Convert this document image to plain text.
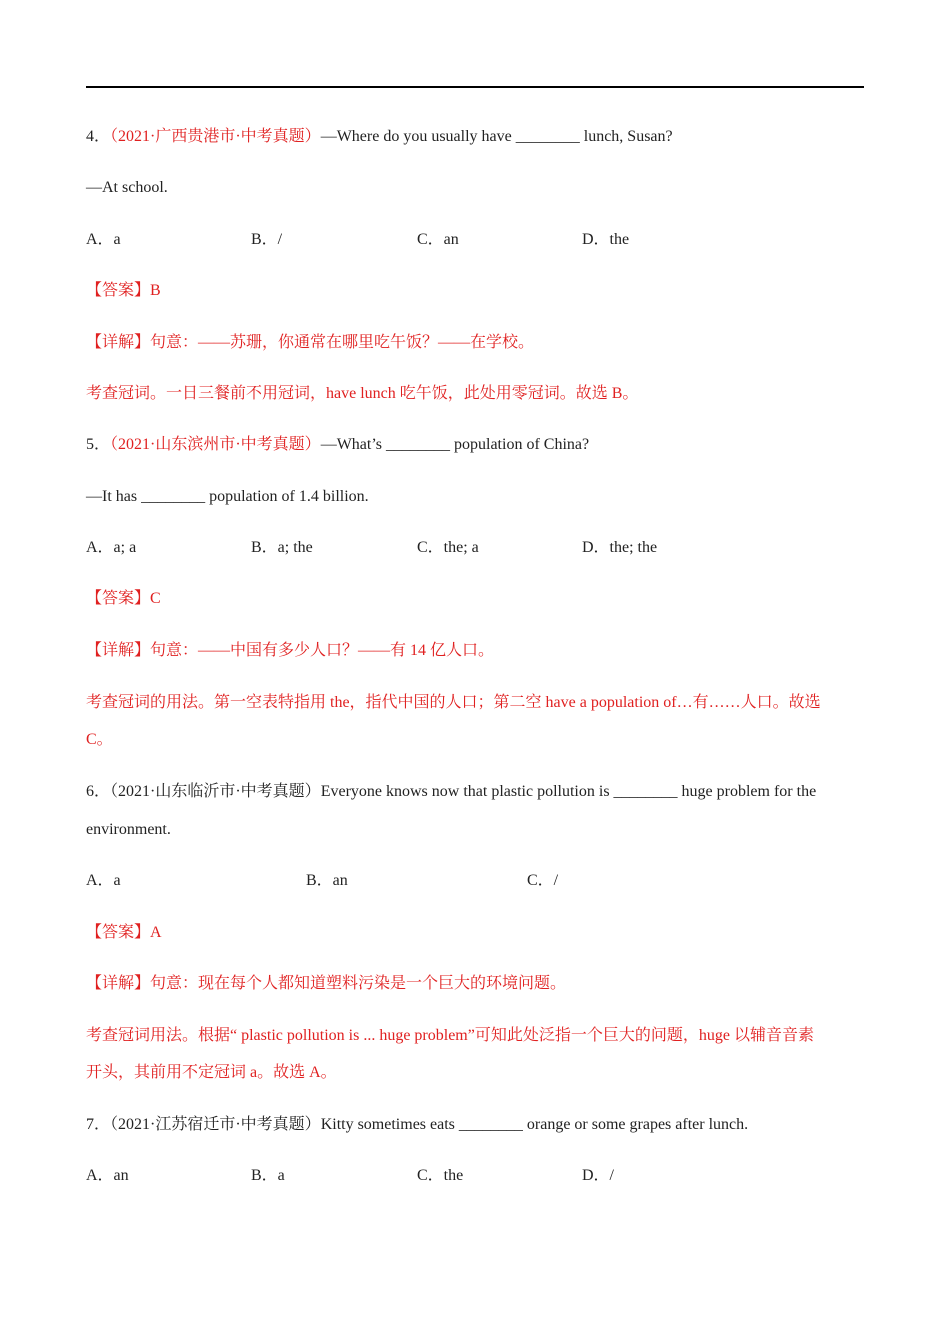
4．（2021·广西贵港市·中考真题）—Where do you usually have ________ lunch, Susan?
—At school.
A．a	B．/	C．an	D．the
【答案】B
【详解】句意：——苏珊，你通常在哪里吃午饭？——在学校。
考查冠词。一日三餐前不用冠词，have lunch 吃午饭，此处用零冠词。故选 B。
5．（2021·山东滨州市·中考真题）—What’s ________ population of China?
—It has ________ population of 1.4 billion.
A．a; a	B．a; the	C．the; a	D．the; the
【答案】C
【详解】句意：——中国有多少人口？——有 14 亿人口。
考查冠词的用法。第一空表特指用 the，指代中国的人口；第二空 have a population of…有……人口。故选
C。
6．（2021·山东临沂市·中考真题）Everyone knows now that plastic pollution is ________ huge problem for the
environment.
A．a	B．an	C．/
【答案】A
【详解】句意：现在每个人都知道塑料污染是一个巨大的环境问题。
考查冠词用法。根据“ plastic pollution is ... huge problem”可知此处泛指一个巨大的问题，huge 以辅音音素
开头，其前用不定冠词 a。故选 A。
7．（2021·江苏宿迁市·中考真题）Kitty sometimes eats ________ orange or some grapes after lunch.
A．an	B．a	C．the	D．/
